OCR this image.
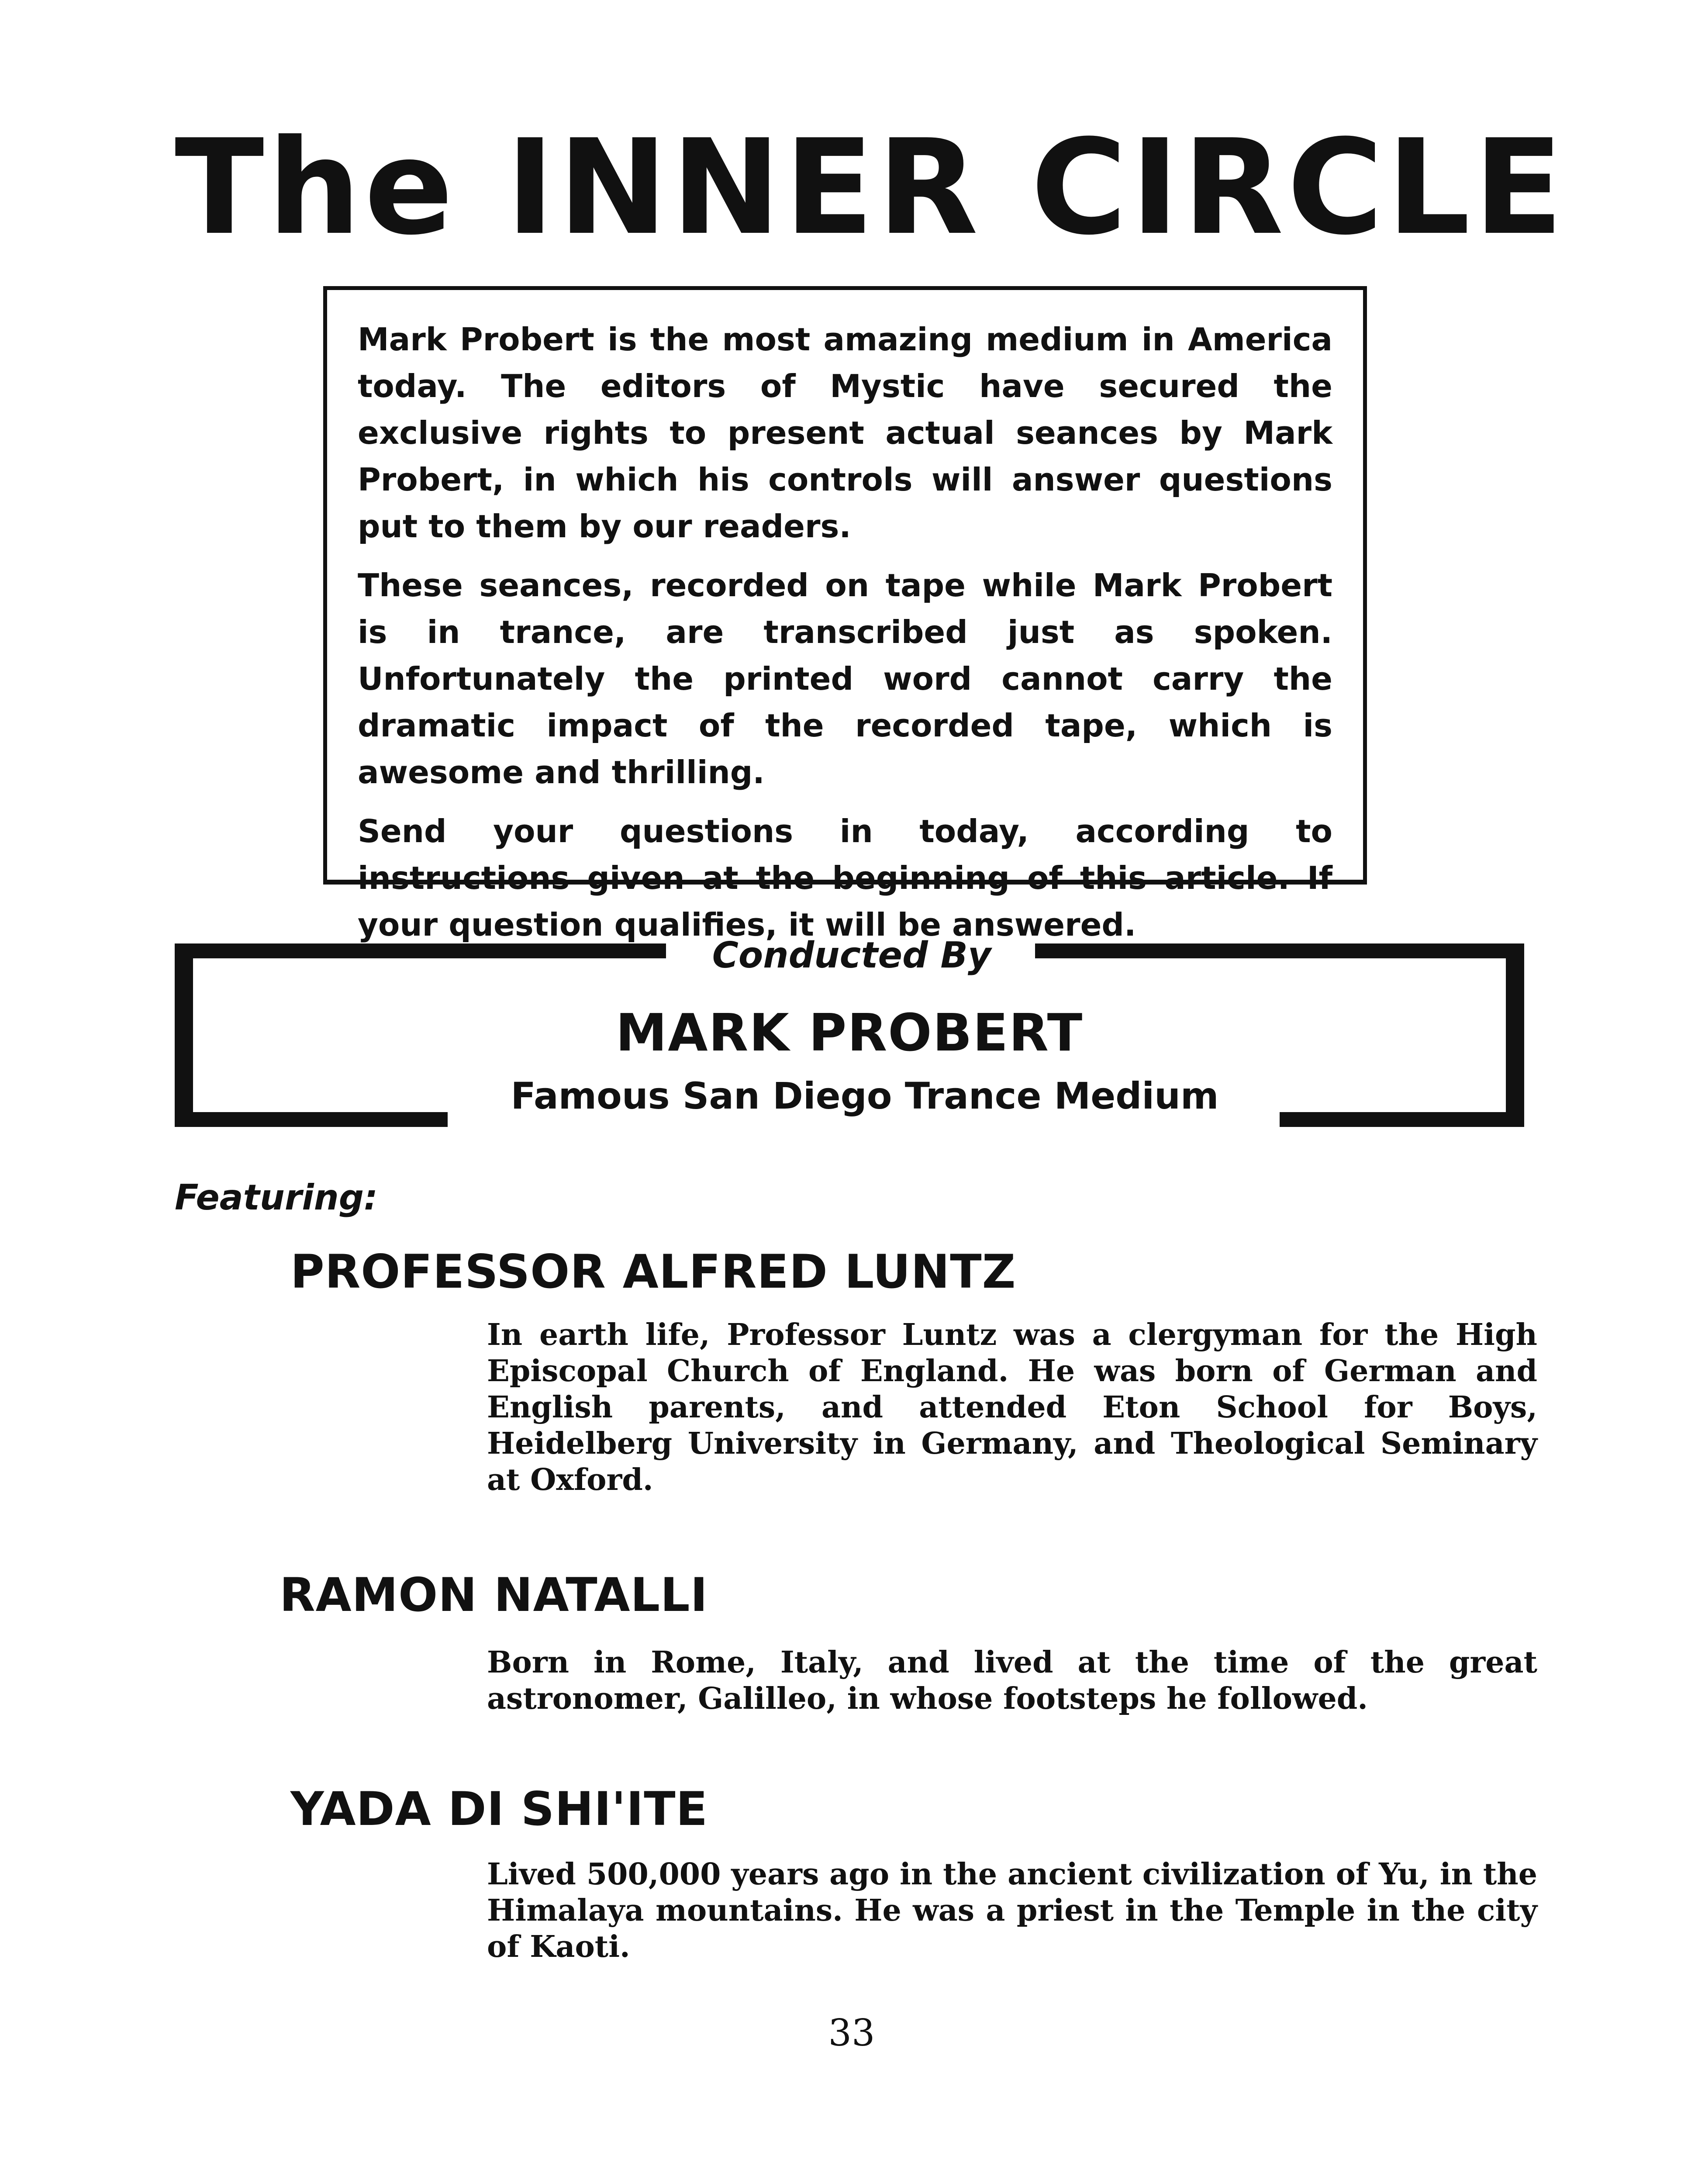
The INNER CIRCLE

Mark Probert is the most amazing medium in America today. The editors of Mystic have secured the exclusive rights to present actual seances by Mark Probert, in which his controls will answer questions put to them by our readers.

These seances, recorded on tape while Mark Probert is in trance, are transcribed just as spoken. Unfortunately the printed word cannot carry the dramatic impact of the recorded tape, which is awesome and thrilling.

Send your questions in today, according to instructions given at the beginning of this article. If your question qualifies, it will be answered.

Conducted By
MARK PROBERT
Famous San Diego Trance Medium
Featuring:
PROFESSOR ALFRED LUNTZ

In earth life, Professor Luntz was a clergyman for the High Episcopal Church of England. He was born of German and English parents, and attended Eton School for Boys, Heidelberg University in Germany, and Theological Seminary at Oxford.

RAMON NATALLI

Born in Rome, Italy, and lived at the time of the great astronomer, Galilleo, in whose footsteps he followed.

YADA DI SHI'ITE

Lived 500,000 years ago in the ancient civilization of Yu, in the Himalaya mountains. He was a priest in the Temple in the city of Kaoti.

33
